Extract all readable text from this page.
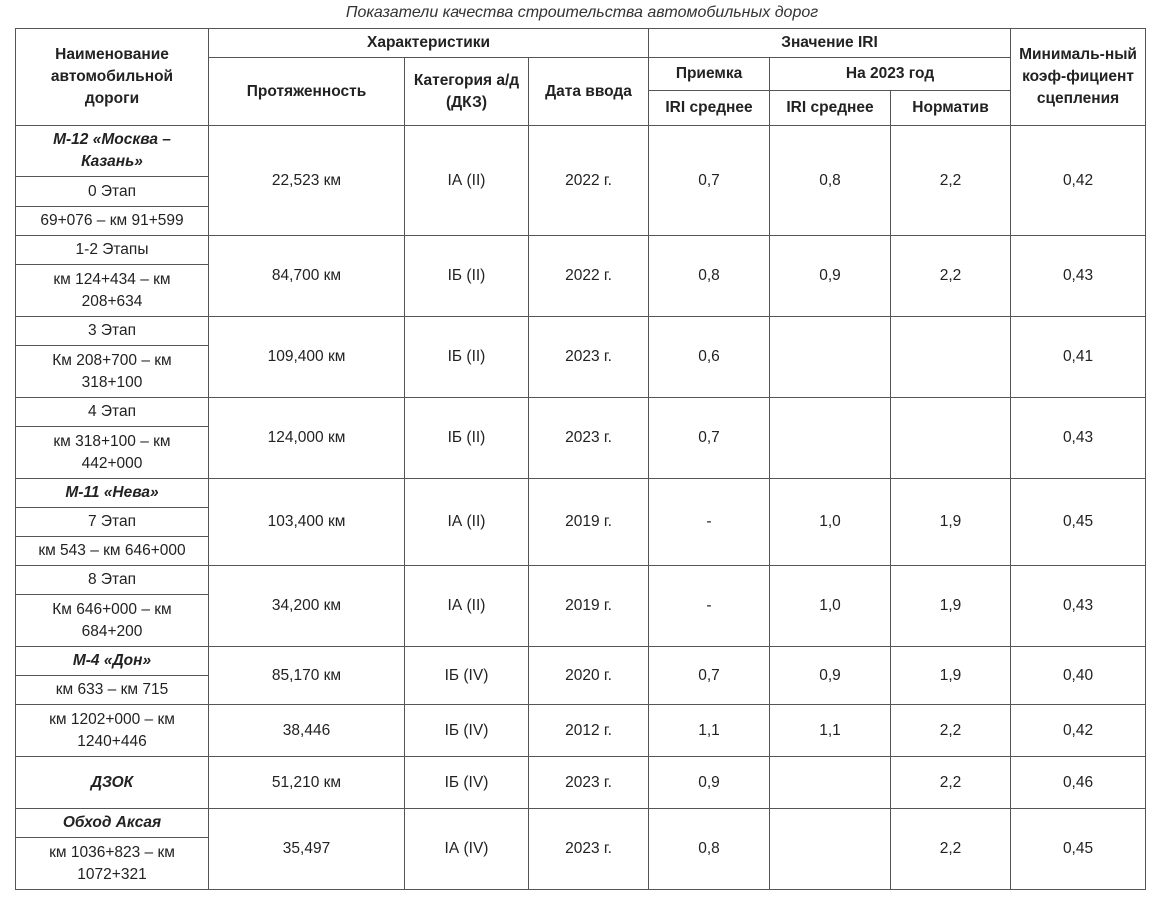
Показатели качества строительства автомобильных дорог
Наименование автомобильной дороги	Характеристики			Значение IRI			Минималь-ный коэф-фициент сцепления
	Протяженность	Категория а/д (ДКЗ)	Дата ввода	Приемка	На 2023 год		
				IRI среднее	IRI среднее	Норматив	
М-12 «Москва – Казань»	22,523 км	IА (II)	2022 г.	0,7	0,8	2,2	0,42
0 Этап							
69+076 – км 91+599							
1-2 Этапы	84,700 км	IБ (II)	2022 г.	0,8	0,9	2,2	0,43
км 124+434 – км 208+634							
3 Этап	109,400 км	IБ (II)	2023 г.	0,6			0,41
Км 208+700 – км 318+100							
4 Этап	124,000 км	IБ (II)	2023 г.	0,7			0,43
км 318+100 – км 442+000							
М-11 «Нева»	103,400 км	IА (II)	2019 г.	-	1,0	1,9	0,45
7 Этап							
км 543 – км 646+000							
8 Этап	34,200 км	IА (II)	2019 г.	-	1,0	1,9	0,43
Км 646+000 – км 684+200							
М-4 «Дон»	85,170 км	IБ (IV)	2020 г.	0,7	0,9	1,9	0,40
км 633 – км 715							
км 1202+000 – км 1240+446	38,446	IБ (IV)	2012 г.	1,1	1,1	2,2	0,42
ДЗОК	51,210 км	IБ (IV)	2023 г.	0,9		2,2	0,46
Обход Аксая	35,497	IА (IV)	2023 г.	0,8		2,2	0,45
км 1036+823 – км 1072+321							
